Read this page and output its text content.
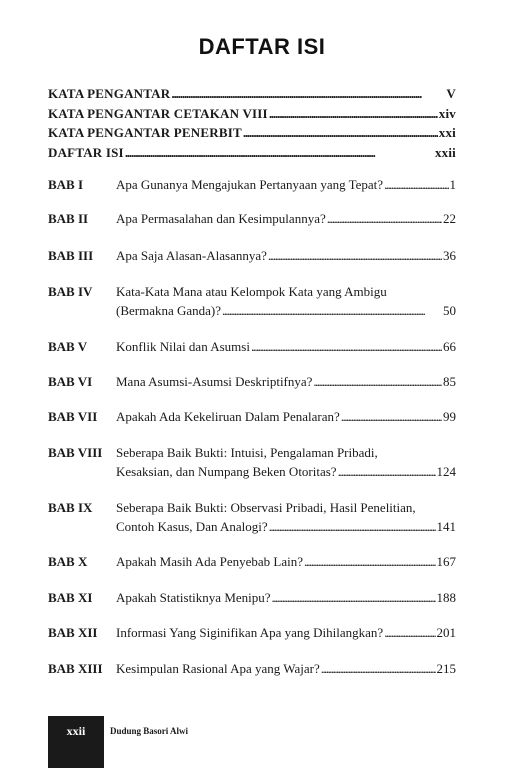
DAFTAR ISI
KATA PENGANTAR . . .	V
KATA PENGANTAR CETAKAN VIII . . .	xiv
KATA PENGANTAR PENERBIT . . .	xxi
DAFTAR ISI . . .	xxii
BAB I	Apa Gunanya Mengajukan Pertanyaan yang Tepat? . . .	1
BAB II Apa Permasalahan dan Kesimpulannya? . . .	22
BAB III Apa Saja Alasan-Alasannya? . . .	36
BAB IV Kata-Kata Mana atau Kelompok Kata yang Ambigu
(Bermakna Ganda)? . . .	50
BAB V Konflik Nilai dan Asumsi . . .	66
BAB VI Mana Asumsi-Asumsi Deskriptifnya? . . .	85
BAB VII Apakah Ada Kekeliruan Dalam Penalaran? . . .	99
BAB VIII Seberapa Baik Bukti: Intuisi, Pengalaman Pribadi,
Kesaksian, dan Numpang Beken Otoritas? . . .	124
BAB IX Seberapa Baik Bukti: Observasi Pribadi, Hasil Penelitian,
Contoh Kasus, Dan Analogi? . . .	141
BAB X Apakah Masih Ada Penyebab Lain? . . .	167
BAB XI Apakah Statistiknya Menipu? . . .	188
BAB XII Informasi Yang Siginifikan Apa yang Dihilangkan? . . .	201
BAB XIII Kesimpulan Rasional Apa yang Wajar? . . .	215
xxii	Dudung Basori Alwi
